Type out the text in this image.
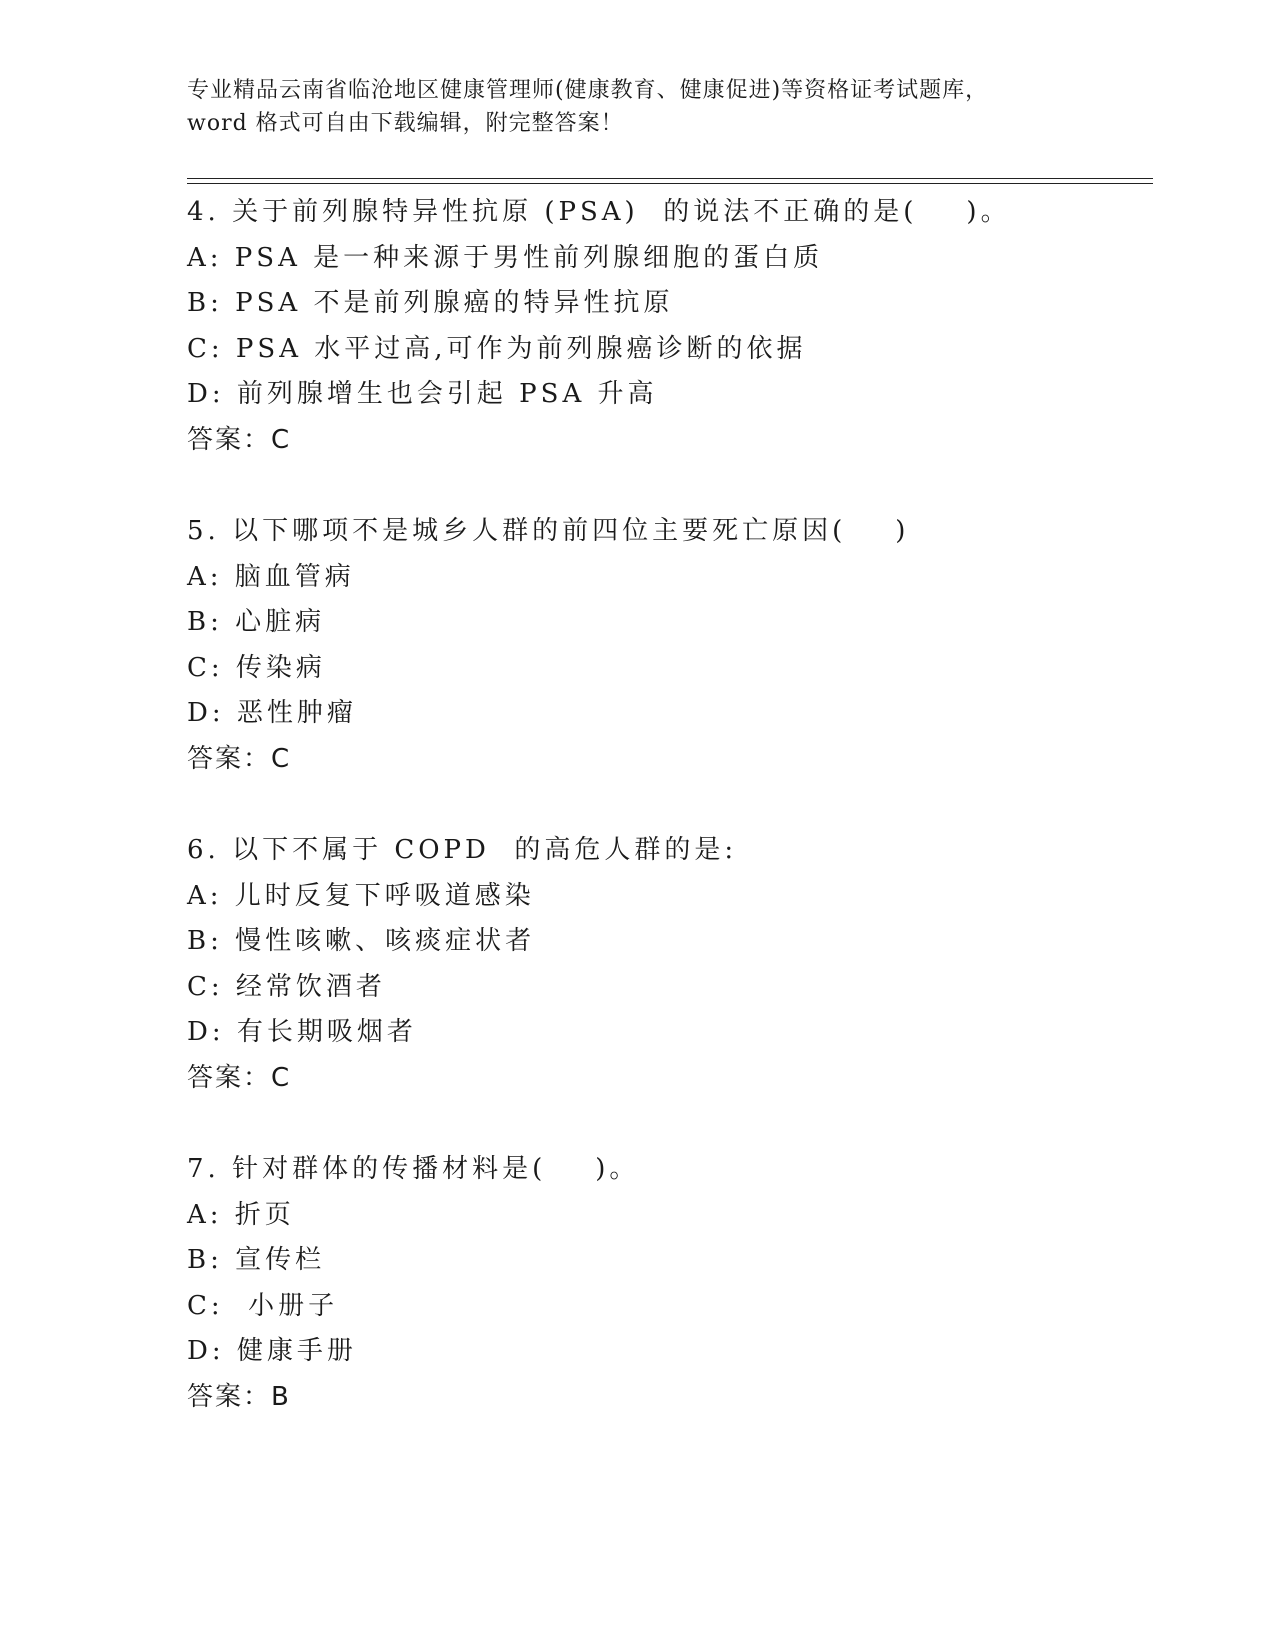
专业精品云南省临沧地区健康管理师(健康教育、健康促进)等资格证考试题库，
word 格式可自由下载编辑，附完整答案！
4. 关于前列腺特异性抗原 (PSA)  的说法不正确的是(    )。
A: PSA 是一种来源于男性前列腺细胞的蛋白质
B: PSA 不是前列腺癌的特异性抗原
C: PSA 水平过高,可作为前列腺癌诊断的依据
D: 前列腺增生也会引起 PSA 升高
答案：C
5. 以下哪项不是城乡人群的前四位主要死亡原因(    )
A: 脑血管病
B: 心脏病
C: 传染病
D: 恶性肿瘤
答案：C
6. 以下不属于 COPD  的高危人群的是:
A: 儿时反复下呼吸道感染
B: 慢性咳嗽、咳痰症状者
C: 经常饮酒者
D: 有长期吸烟者
答案：C
7. 针对群体的传播材料是(    )。
A: 折页
B: 宣传栏
C:  小册子
D: 健康手册
答案：B
